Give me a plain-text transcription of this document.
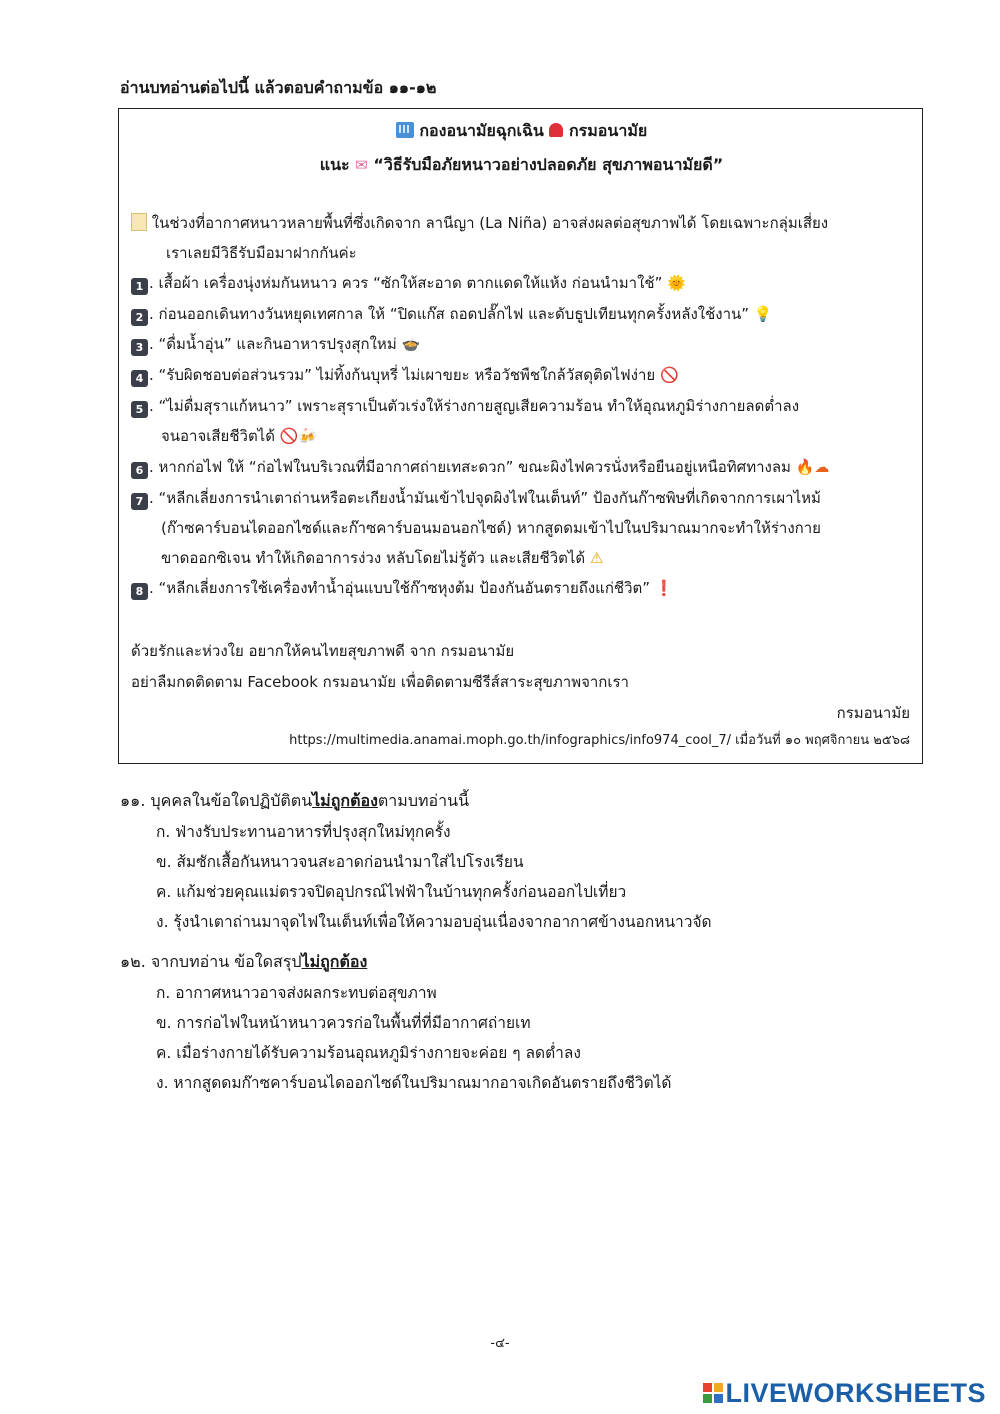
อ่านบทอ่านต่อไปนี้ แล้วตอบคำถามข้อ ๑๑-๑๒
กองอนามัยฉุกเฉิน กรมอนามัย
แนะ ✉ “วิธีรับมือภัยหนาวอย่างปลอดภัย สุขภาพอนามัยดี”
ในช่วงที่อากาศหนาวหลายพื้นที่ซึ่งเกิดจาก ลานีญา (La Niña) อาจส่งผลต่อสุขภาพได้ โดยเฉพาะกลุ่มเสี่ยง
เราเลยมีวิธีรับมือมาฝากกันค่ะ
1 . เสื้อผ้า เครื่องนุ่งห่มกันหนาว ควร “ซักให้สะอาด ตากแดดให้แห้ง ก่อนนำมาใช้” 🌞
2 . ก่อนออกเดินทางวันหยุดเทศกาล ให้ “ปิดแก๊ส ถอดปลั๊กไฟ และดับธูปเทียนทุกครั้งหลังใช้งาน” 💡
3 . “ดื่มน้ำอุ่น” และกินอาหารปรุงสุกใหม่ 🍲
4 . “รับผิดชอบต่อส่วนรวม” ไม่ทิ้งก้นบุหรี่ ไม่เผาขยะ หรือวัชพืชใกล้วัสดุติดไฟง่าย 🚫
5 . “ไม่ดื่มสุราแก้หนาว” เพราะสุราเป็นตัวเร่งให้ร่างกายสูญเสียความร้อน ทำให้อุณหภูมิร่างกายลดต่ำลง
จนอาจเสียชีวิตได้ 🚫🍻
6 . หากก่อไฟ ให้ “ก่อไฟในบริเวณที่มีอากาศถ่ายเทสะดวก” ขณะผิงไฟควรนั่งหรือยืนอยู่เหนือทิศทางลม 🔥☁
7 . “หลีกเลี่ยงการนำเตาถ่านหรือตะเกียงน้ำมันเข้าไปจุดผิงไฟในเต็นท์” ป้องกันก๊าซพิษที่เกิดจากการเผาไหม้
(ก๊าซคาร์บอนไดออกไซด์และก๊าซคาร์บอนมอนอกไซด์) หากสูดดมเข้าไปในปริมาณมากจะทำให้ร่างกาย
ขาดออกซิเจน ทำให้เกิดอาการง่วง หลับโดยไม่รู้ตัว และเสียชีวิตได้ ⚠
8 . “หลีกเลี่ยงการใช้เครื่องทำน้ำอุ่นแบบใช้ก๊าซหุงต้ม ป้องกันอันตรายถึงแก่ชีวิต” ❗
ด้วยรักและห่วงใย อยากให้คนไทยสุขภาพดี จาก กรมอนามัย
อย่าลืมกดติดตาม Facebook กรมอนามัย เพื่อติดตามซีรีส์สาระสุขภาพจากเรา
กรมอนามัย
https://multimedia.anamai.moph.go.th/infographics/info974_cool_7/ เมื่อวันที่ ๑๐ พฤศจิกายน ๒๕๖๘
๑๑. บุคคลในข้อใดปฏิบัติตนไม่ถูกต้องตามบทอ่านนี้
ก. ฟ่างรับประทานอาหารที่ปรุงสุกใหม่ทุกครั้ง
ข. ส้มซักเสื้อกันหนาวจนสะอาดก่อนนำมาใส่ไปโรงเรียน
ค. แก้มช่วยคุณแม่ตรวจปิดอุปกรณ์ไฟฟ้าในบ้านทุกครั้งก่อนออกไปเที่ยว
ง. รุ้งนำเตาถ่านมาจุดไฟในเต็นท์เพื่อให้ความอบอุ่นเนื่องจากอากาศข้างนอกหนาวจัด
๑๒. จากบทอ่าน ข้อใดสรุปไม่ถูกต้อง
ก. อากาศหนาวอาจส่งผลกระทบต่อสุขภาพ
ข. การก่อไฟในหน้าหนาวควรก่อในพื้นที่ที่มีอากาศถ่ายเท
ค. เมื่อร่างกายได้รับความร้อนอุณหภูมิร่างกายจะค่อย ๆ ลดต่ำลง
ง. หากสูดดมก๊าซคาร์บอนไดออกไซด์ในปริมาณมากอาจเกิดอันตรายถึงชีวิตได้
-๔-
LIVEWORKSHEETS
